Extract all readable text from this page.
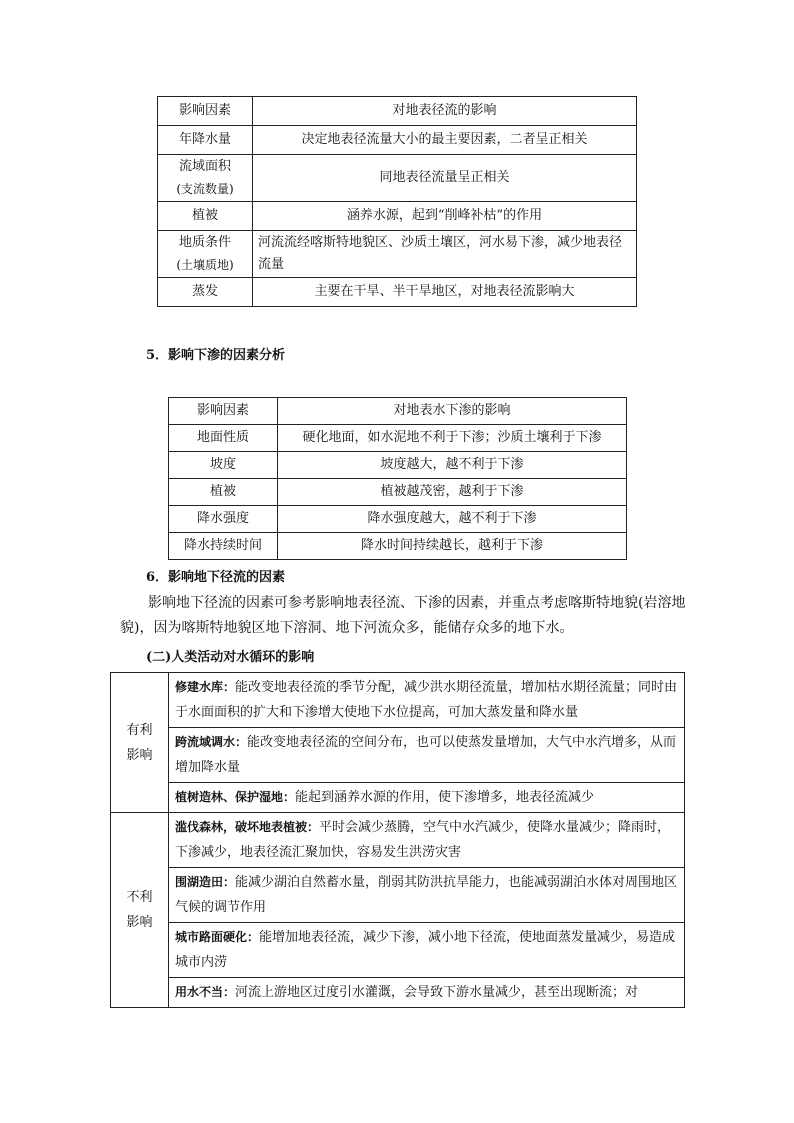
影响因素	对地表径流的影响
年降水量	决定地表径流量大小的最主要因素，二者呈正相关

流域面积
(支流数量)	同地表径流量呈正相关
植被	涵养水源，起到“削峰补枯”的作用

地质条件
(土壤质地)	河流流经喀斯特地貌区、沙质土壤区，河水易下渗，减少地表径流量
蒸发	主要在干旱、半干旱地区，对地表径流影响大
5．影响下渗的因素分析
影响因素	对地表水下渗的影响
地面性质	硬化地面，如水泥地不利于下渗；沙质土壤利于下渗
坡度	坡度越大，越不利于下渗
植被	植被越茂密，越利于下渗
降水强度	降水强度越大，越不利于下渗
降水持续时间	降水时间持续越长，越利于下渗
6．影响地下径流的因素
影响地下径流的因素可参考影响地表径流、下渗的因素，并重点考虑喀斯特地貌(岩溶地貌)，因为喀斯特地貌区地下溶洞、地下河流众多，能储存众多的地下水。
(二)人类活动对水循环的影响
有利
影响	修建水库：能改变地表径流的季节分配，减少洪水期径流量，增加枯水期径流量；同时由于水面面积的扩大和下渗增大使地下水位提高，可加大蒸发量和降水量
	跨流域调水：能改变地表径流的空间分布，也可以使蒸发量增加，大气中水汽增多，从而增加降水量
	植树造林、保护湿地：能起到涵养水源的作用，使下渗增多，地表径流减少

不利
影响	滥伐森林，破坏地表植被：平时会减少蒸腾，空气中水汽减少，使降水量减少；降雨时，下渗减少，地表径流汇聚加快，容易发生洪涝灾害
	围湖造田：能减少湖泊自然蓄水量，削弱其防洪抗旱能力，也能减弱湖泊水体对周围地区气候的调节作用
	城市路面硬化：能增加地表径流，减少下渗，减小地下径流，使地面蒸发量减少，易造成城市内涝
	用水不当：河流上游地区过度引水灌溉，会导致下游水量减少，甚至出现断流；对
